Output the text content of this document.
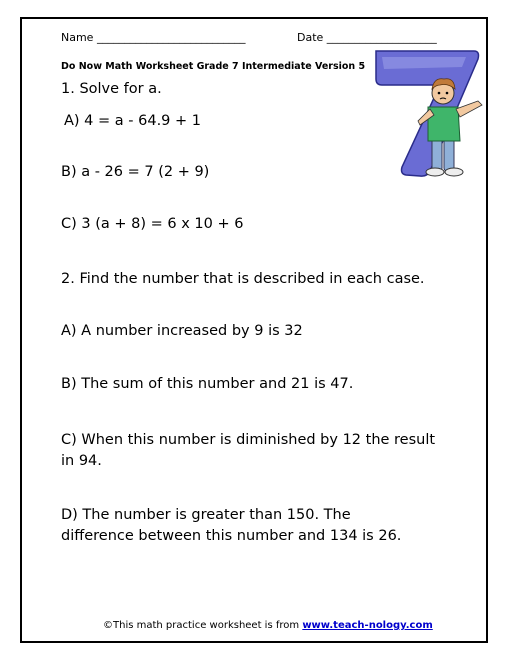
Name ___________________________	Date ____________________
Do Now Math Worksheet Grade 7 Intermediate Version 5
1. Solve for a.
A) 4 = a - 64.9 + 1
B) a - 26 = 7 (2 + 9)
C) 3 (a + 8) = 6 x 10 + 6
2. Find the number that is described in each case.
A) A number increased by 9 is 32
B) The sum of this number and 21 is 47.
C) When this number is diminished by 12 the result in 94.
D) The number is greater than 150. The difference between this number and 134 is 26.
©This math practice worksheet is from www.teach-nology.com
